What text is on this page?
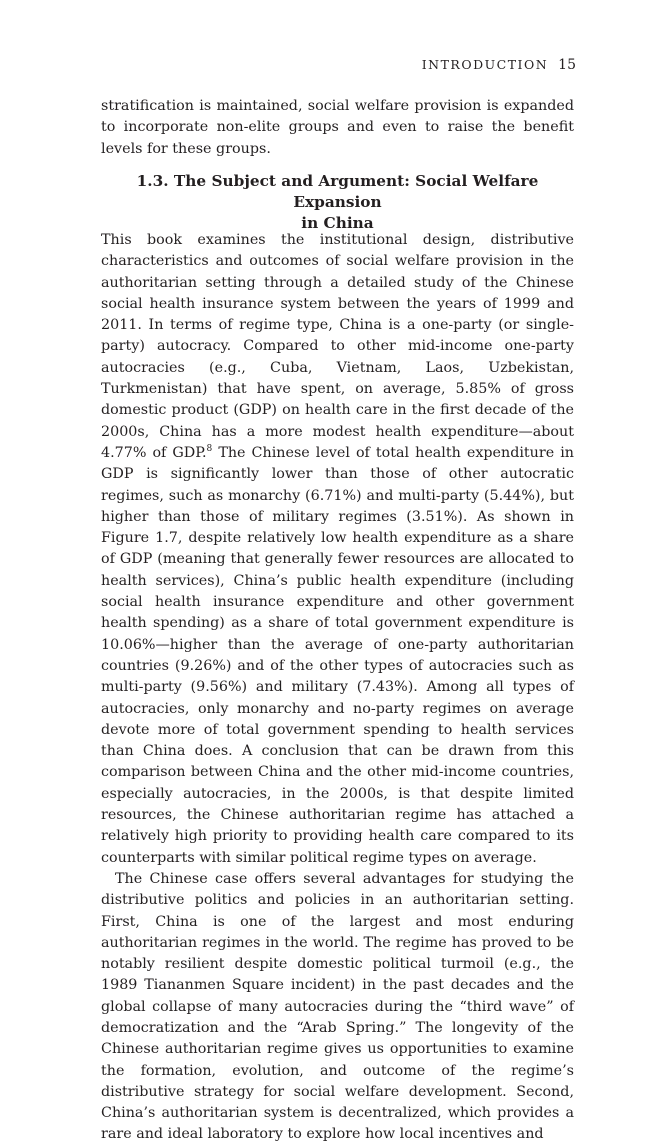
INTRODUCTION 15

stratification is maintained, social welfare provision is expanded to incorporate non-elite groups and even to raise the benefit levels for these groups.

1.3. The Subject and Argument: Social Welfare Expansion
in China

This book examines the institutional design, distributive characteristics and outcomes of social welfare provision in the authoritarian setting through a detailed study of the Chinese social health insurance system between the years of 1999 and 2011. In terms of regime type, China is a one-party (or single-party) autocracy. Compared to other mid-income one-party autocracies (e.g., Cuba, Vietnam, Laos, Uzbekistan, Turkmenistan) that have spent, on average, 5.85% of gross domestic product (GDP) on health care in the first decade of the 2000s, China has a more modest health expenditure—about 4.77% of GDP.$^8$ The Chinese level of total health expenditure in GDP is significantly lower than those of other autocratic regimes, such as monarchy (6.71%) and multi-party (5.44%), but higher than those of military regimes (3.51%). As shown in Figure 1.7, despite relatively low health expenditure as a share of GDP (meaning that generally fewer resources are allocated to health services), China’s public health expenditure (including social health insurance expenditure and other government health spending) as a share of total government expenditure is 10.06%—higher than the average of one-party authoritarian countries (9.26%) and of the other types of autocracies such as multi-party (9.56%) and military (7.43%). Among all types of autocracies, only monarchy and no-party regimes on average devote more of total government spending to health services than China does. A conclusion that can be drawn from this comparison between China and the other mid-income countries, especially autocracies, in the 2000s, is that despite limited resources, the Chinese authoritarian regime has attached a relatively high priority to providing health care compared to its counterparts with similar political regime types on average.

The Chinese case offers several advantages for studying the distributive politics and policies in an authoritarian setting. First, China is one of the largest and most enduring authoritarian regimes in the world. The regime has proved to be notably resilient despite domestic political turmoil (e.g., the 1989 Tiananmen Square incident) in the past decades and the global collapse of many autocracies during the “third wave” of democratization and the “Arab Spring.” The longevity of the Chinese authoritarian regime gives us opportunities to examine the formation, evolution, and outcome of the regime’s distributive strategy for social welfare development. Second, China’s authoritarian system is decentralized, which provides a rare and ideal laboratory to explore how local incentives and
